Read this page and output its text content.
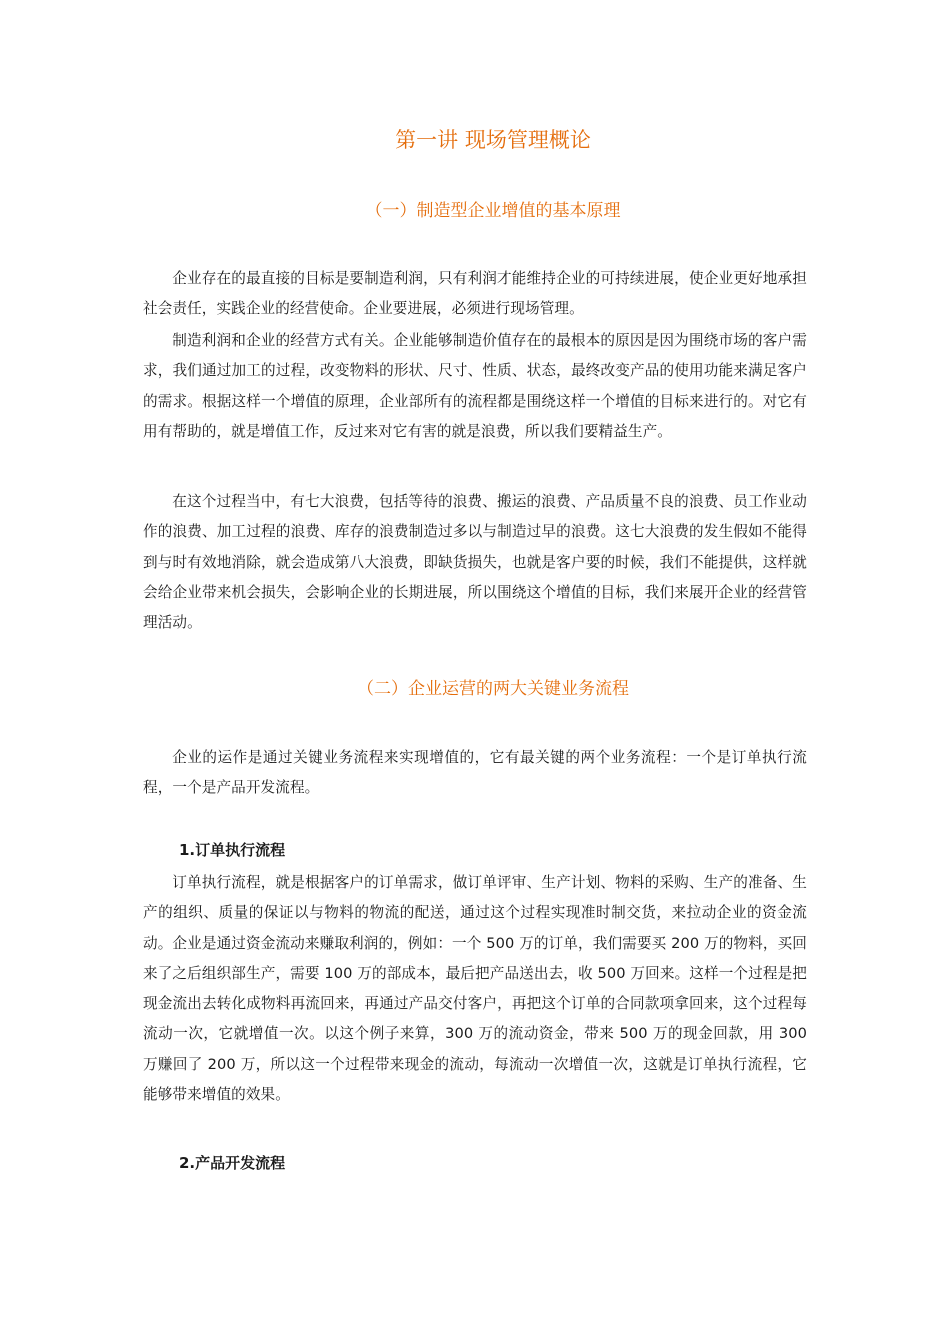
第一讲 现场管理概论
（一）制造型企业增值的基本原理

企业存在的最直接的目标是要制造利润，只有利润才能维持企业的可持续进展，使企业更好地承担社会责任，实践企业的经营使命。企业要进展，必须进行现场管理。

制造利润和企业的经营方式有关。企业能够制造价值存在的最根本的原因是因为围绕市场的客户需求，我们通过加工的过程，改变物料的形状、尺寸、性质、状态，最终改变产品的使用功能来满足客户的需求。根据这样一个增值的原理，企业部所有的流程都是围绕这样一个增值的目标来进行的。对它有用有帮助的，就是增值工作，反过来对它有害的就是浪费，所以我们要精益生产。

在这个过程当中，有七大浪费，包括等待的浪费、搬运的浪费、产品质量不良的浪费、员工作业动作的浪费、加工过程的浪费、库存的浪费制造过多以与制造过早的浪费。这七大浪费的发生假如不能得到与时有效地消除，就会造成第八大浪费，即缺货损失，也就是客户要的时候，我们不能提供，这样就会给企业带来机会损失，会影响企业的长期进展，所以围绕这个增值的目标，我们来展开企业的经营管理活动。

（二）企业运营的两大关键业务流程

企业的运作是通过关键业务流程来实现增值的，它有最关键的两个业务流程：一个是订单执行流程，一个是产品开发流程。

1.订单执行流程

订单执行流程，就是根据客户的订单需求，做订单评审、生产计划、物料的采购、生产的准备、生产的组织、质量的保证以与物料的物流的配送，通过这个过程实现准时制交货，来拉动企业的资金流动。企业是通过资金流动来赚取利润的，例如：一个 500 万的订单，我们需要买 200 万的物料，买回来了之后组织部生产，需要 100 万的部成本，最后把产品送出去，收 500 万回来。这样一个过程是把现金流出去转化成物料再流回来，再通过产品交付客户，再把这个订单的合同款项拿回来，这个过程每流动一次，它就增值一次。以这个例子来算，300 万的流动资金，带来 500 万的现金回款，用 300 万赚回了 200 万，所以这一个过程带来现金的流动，每流动一次增值一次，这就是订单执行流程，它能够带来增值的效果。

2.产品开发流程
